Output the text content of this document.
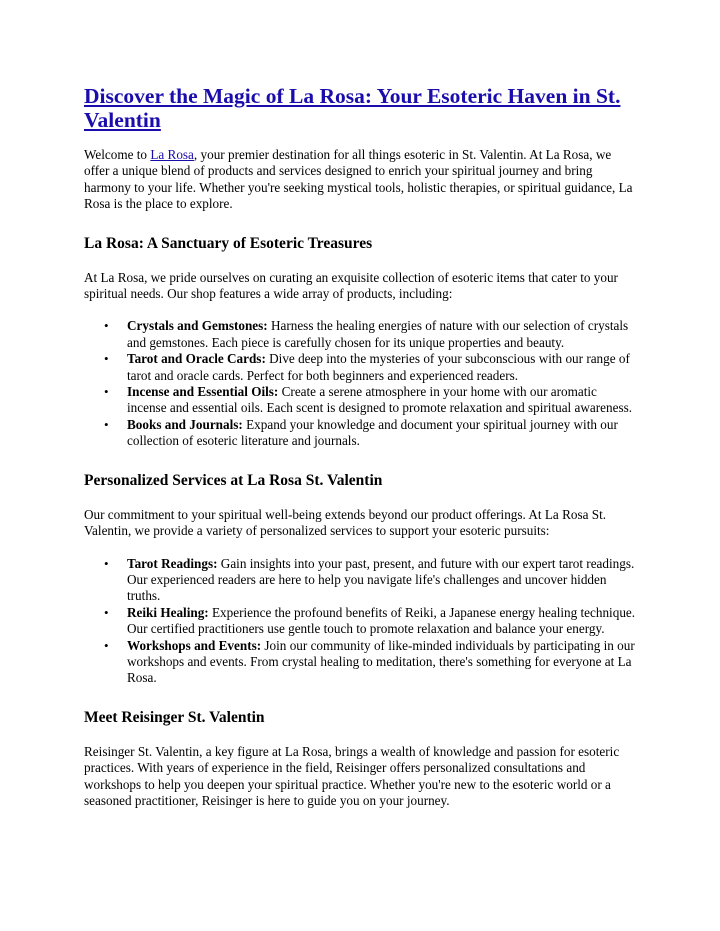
Discover the Magic of La Rosa: Your Esoteric Haven in St. Valentin

Welcome to La Rosa, your premier destination for all things esoteric in St. Valentin. At La Rosa, we offer a unique blend of products and services designed to enrich your spiritual journey and bring harmony to your life. Whether you're seeking mystical tools, holistic therapies, or spiritual guidance, La Rosa is the place to explore.

La Rosa: A Sanctuary of Esoteric Treasures

At La Rosa, we pride ourselves on curating an exquisite collection of esoteric items that cater to your spiritual needs. Our shop features a wide array of products, including:

• Crystals and Gemstones: Harness the healing energies of nature with our selection of crystals and gemstones. Each piece is carefully chosen for its unique properties and beauty.
• Tarot and Oracle Cards: Dive deep into the mysteries of your subconscious with our range of tarot and oracle cards. Perfect for both beginners and experienced readers.
• Incense and Essential Oils: Create a serene atmosphere in your home with our aromatic incense and essential oils. Each scent is designed to promote relaxation and spiritual awareness.
• Books and Journals: Expand your knowledge and document your spiritual journey with our collection of esoteric literature and journals.
Personalized Services at La Rosa St. Valentin

Our commitment to your spiritual well-being extends beyond our product offerings. At La Rosa St. Valentin, we provide a variety of personalized services to support your esoteric pursuits:

• Tarot Readings: Gain insights into your past, present, and future with our expert tarot readings. Our experienced readers are here to help you navigate life's challenges and uncover hidden truths.
• Reiki Healing: Experience the profound benefits of Reiki, a Japanese energy healing technique. Our certified practitioners use gentle touch to promote relaxation and balance your energy.
• Workshops and Events: Join our community of like-minded individuals by participating in our workshops and events. From crystal healing to meditation, there's something for everyone at La Rosa.
Meet Reisinger St. Valentin

Reisinger St. Valentin, a key figure at La Rosa, brings a wealth of knowledge and passion for esoteric practices. With years of experience in the field, Reisinger offers personalized consultations and workshops to help you deepen your spiritual practice. Whether you're new to the esoteric world or a seasoned practitioner, Reisinger is here to guide you on your journey.
